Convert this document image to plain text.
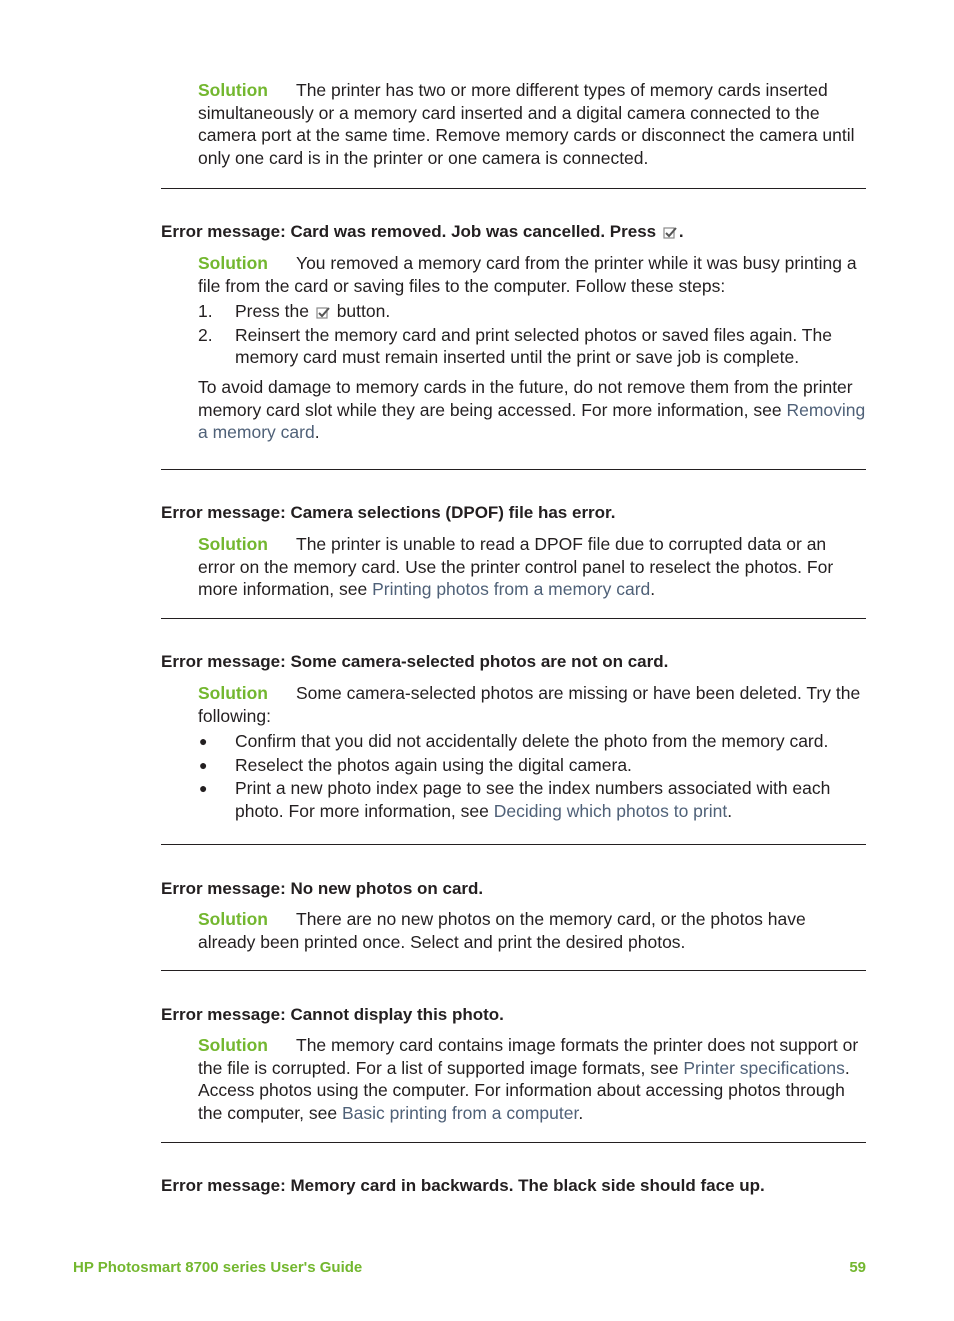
Solution The printer has two or more different types of memory cards inserted simultaneously or a memory card inserted and a digital camera connected to the camera port at the same time. Remove memory cards or disconnect the camera until only one card is in the printer or one camera is connected.

Error message: Card was removed. Job was cancelled. Press .

Solution You removed a memory card from the printer while it was busy printing a file from the card or saving files to the computer. Follow these steps:

1.	Press the button.
2.	Reinsert the memory card and print selected photos or saved files again. The memory card must remain inserted until the print or save job is complete.

To avoid damage to memory cards in the future, do not remove them from the printer memory card slot while they are being accessed. For more information, see Removing a memory card.

Error message: Camera selections (DPOF) file has error.

Solution The printer is unable to read a DPOF file due to corrupted data or an error on the memory card. Use the printer control panel to reselect the photos. For more information, see Printing photos from a memory card.

Error message: Some camera-selected photos are not on card.

Solution Some camera-selected photos are missing or have been deleted. Try the following:

●	Confirm that you did not accidentally delete the photo from the memory card.
●	Reselect the photos again using the digital camera.
●	Print a new photo index page to see the index numbers associated with each photo. For more information, see Deciding which photos to print.

Error message: No new photos on card.

Solution There are no new photos on the memory card, or the photos have already been printed once. Select and print the desired photos.

Error message: Cannot display this photo.

Solution The memory card contains image formats the printer does not support or the file is corrupted. For a list of supported image formats, see Printer specifications. Access photos using the computer. For information about accessing photos through the computer, see Basic printing from a computer.

Error message: Memory card in backwards. The black side should face up.

HP Photosmart 8700 series User's Guide	59
